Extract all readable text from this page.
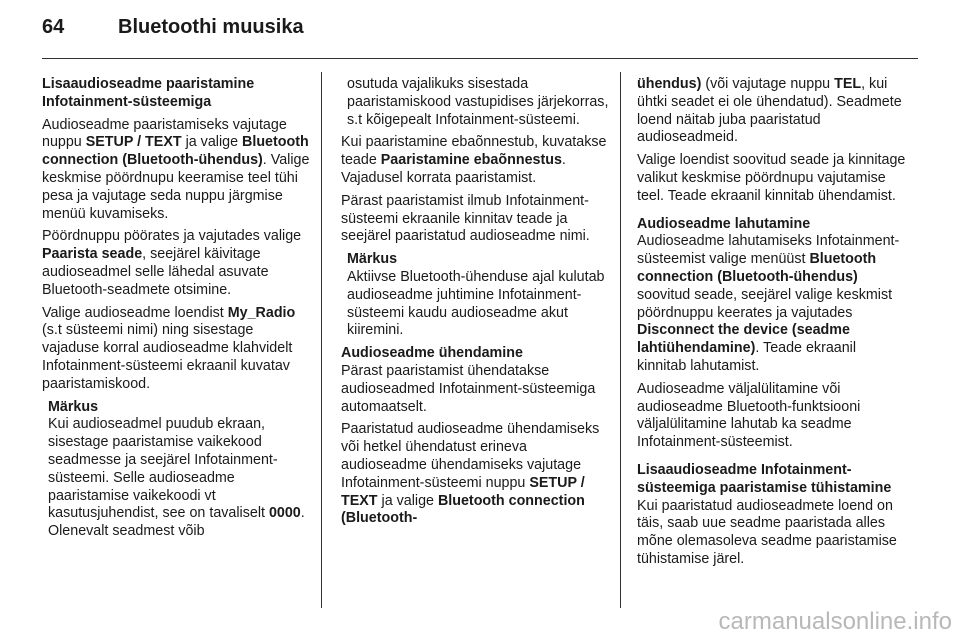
64	Bluetoothi muusika

Lisaaudioseadme paaristamine Infotainment-süsteemiga

Audioseadme paaristamiseks vajutage nuppu SETUP / TEXT ja valige Bluetooth connection (Bluetooth-ühendus). Valige keskmise pöördnupu keeramise teel tühi pesa ja vajutage seda nuppu järgmise menüü kuvamiseks.

Pöördnuppu pöörates ja vajutades valige Paarista seade, seejärel käivitage audioseadmel selle lähedal asuvate Bluetooth-seadmete otsimine.

Valige audioseadme loendist My_Radio (s.t süsteemi nimi) ning sisestage vajaduse korral audioseadme klahvidelt Infotainment-süsteemi ekraanil kuvatav paaristamiskood.

Märkus

Kui audioseadmel puudub ekraan, sisestage paaristamise vaikekood seadmesse ja seejärel Infotainment-süsteemi. Selle audioseadme paaristamise vaikekoodi vt kasutusjuhendist, see on tavaliselt 0000. Olenevalt seadmest võib

osutuda vajalikuks sisestada paaristamiskood vastupidises järjekorras, s.t kõigepealt Infotainment-süsteemi.

Kui paaristamine ebaõnnestub, kuvatakse teade Paaristamine ebaõnnestus. Vajadusel korrata paaristamist.

Pärast paaristamist ilmub Infotainment-süsteemi ekraanile kinnitav teade ja seejärel paaristatud audioseadme nimi.

Märkus

Aktiivse Bluetooth-ühenduse ajal kulutab audioseadme juhtimine Infotainment-süsteemi kaudu audioseadme akut kiiremini.

Audioseadme ühendamine

Pärast paaristamist ühendatakse audioseadmed Infotainment-süsteemiga automaatselt.

Paaristatud audioseadme ühendamiseks või hetkel ühendatust erineva audioseadme ühendamiseks vajutage Infotainment-süsteemi nuppu SETUP / TEXT ja valige Bluetooth connection (Bluetooth-

ühendus) (või vajutage nuppu TEL, kui ühtki seadet ei ole ühendatud). Seadmete loend näitab juba paaristatud audioseadmeid.

Valige loendist soovitud seade ja kinnitage valikut keskmise pöördnupu vajutamise teel. Teade ekraanil kinnitab ühendamist.

Audioseadme lahutamine

Audioseadme lahutamiseks Infotainment-süsteemist valige menüüst Bluetooth connection (Bluetooth-ühendus) soovitud seade, seejärel valige keskmist pöördnuppu keerates ja vajutades Disconnect the device (seadme lahtiühendamine). Teade ekraanil kinnitab lahutamist.

Audioseadme väljalülitamine või audioseadme Bluetooth-funktsiooni väljalülitamine lahutab ka seadme Infotainment-süsteemist.

Lisaaudioseadme Infotainment-süsteemiga paaristamise tühistamine

Kui paaristatud audioseadmete loend on täis, saab uue seadme paaristada alles mõne olemasoleva seadme paaristamise tühistamise järel.

carmanualsonline.info
